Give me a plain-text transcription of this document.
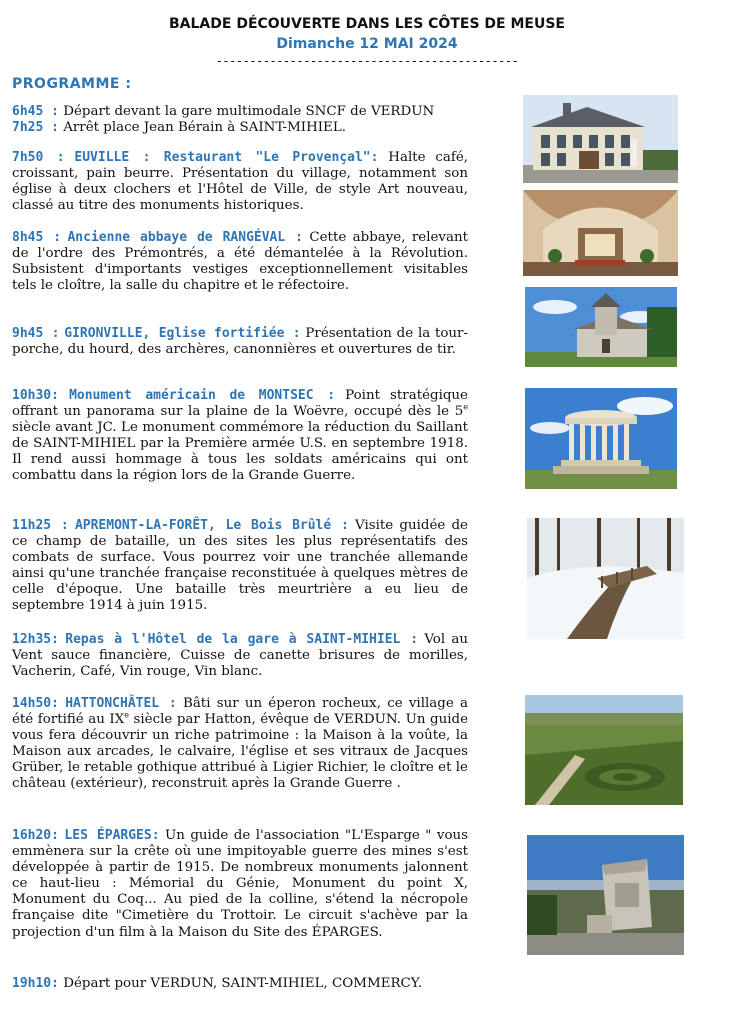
BALADE DÉCOUVERTE DANS LES CÔTES DE MEUSE
Dimanche 12 MAI 2024
---------------------------------------------
PROGRAMME :
6h45 : Départ devant la gare multimodale SNCF de VERDUN
7h25 : Arrêt place Jean Bérain à SAINT-MIHIEL.
7h50 : EUVILLE : Restaurant "Le Provençal": Halte café, croissant, pain beurre. Présentation du village, notamment son église à deux clochers et l'Hôtel de Ville, de style Art nouveau, classé au titre des monuments historiques.
8h45 : Ancienne abbaye de RANGÉVAL : Cette abbaye, relevant de l'ordre des Prémontrés, a été démantelée à la Révolution. Subsistent d'importants vestiges exceptionnellement visitables tels le cloître, la salle du chapitre et le réfectoire.
9h45 : GIRONVILLE, Eglise fortifiée : Présentation de la tour-porche, du hourd, des archères, canonnières et ouvertures de tir.
10h30: Monument américain de MONTSEC : Point stratégique offrant un panorama sur la plaine de la Woëvre, occupé dès le 5e siècle avant JC. Le monument commémore la réduction du Saillant de SAINT-MIHIEL par la Première armée U.S. en septembre 1918. Il rend aussi hommage à tous les soldats américains qui ont combattu dans la région lors de la Grande Guerre.
11h25 : APREMONT-LA-FORÊT, Le Bois Brûlé : Visite guidée de ce champ de bataille, un des sites les plus représentatifs des combats de surface. Vous pourrez voir une tranchée allemande ainsi qu'une tranchée française reconstituée à quelques mètres de celle d'époque. Une bataille très meurtrière a eu lieu de septembre 1914 à juin 1915.
12h35: Repas à l'Hôtel de la gare à SAINT-MIHIEL : Vol au Vent sauce financière, Cuisse de canette brisures de morilles, Vacherin, Café, Vin rouge, Vin blanc.
14h50: HATTONCHÂTEL : Bâti sur un éperon rocheux, ce village a été fortifié au IXe siècle par Hatton, évêque de VERDUN. Un guide vous fera découvrir un riche patrimoine : la Maison à la voûte, la Maison aux arcades, le calvaire, l'église et ses vitraux de Jacques Grüber, le retable gothique attribué à Ligier Richier, le cloître et le château (extérieur), reconstruit après la Grande Guerre .
16h20: LES ÉPARGES: Un guide de l'association "L'Esparge " vous emmènera sur la crête où une impitoyable guerre des mines s'est développée à partir de 1915. De nombreux monuments jalonnent ce haut-lieu : Mémorial du Génie, Monument du point X, Monument du Coq... Au pied de la colline, s'étend la nécropole française dite "Cimetière du Trottoir. Le circuit s'achève par la projection d'un film à la Maison du Site des ÉPARGES.
19h10: Départ pour VERDUN, SAINT-MIHIEL, COMMERCY.
